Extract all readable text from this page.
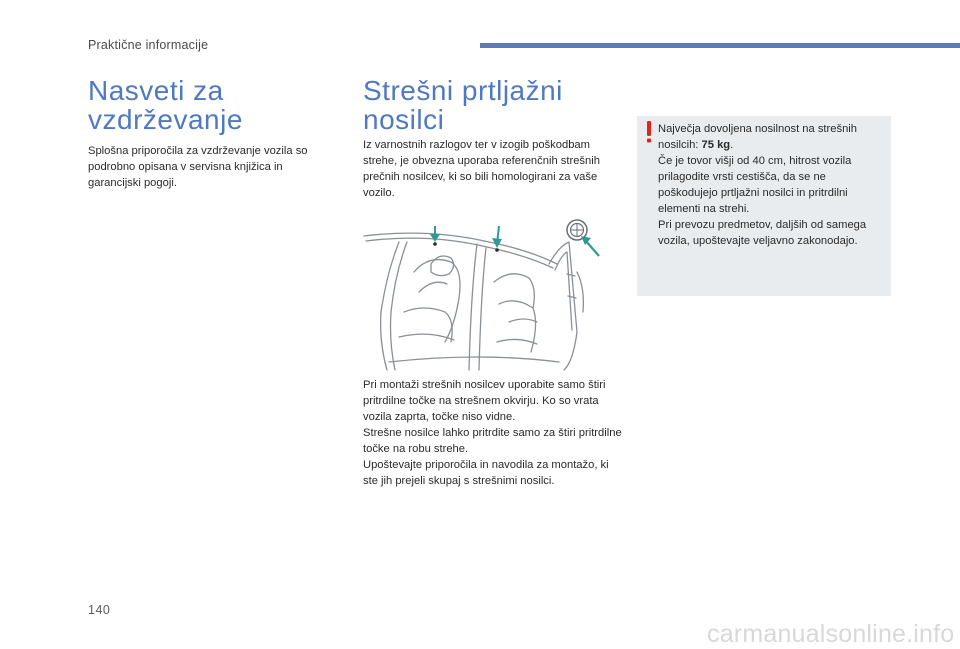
Praktične informacije
Nasveti za vzdrževanje

Splošna priporočila za vzdrževanje vozila so podrobno opisana v servisna knjižica in garancijski pogoji.

Strešni prtljažni nosilci

Iz varnostnih razlogov ter v izogib poškodbam strehe, je obvezna uporaba referenčnih strešnih prečnih nosilcev, ki so bili homologirani za vaše vozilo.

Pri montaži strešnih nosilcev uporabite samo štiri pritrdilne točke na strešnem okvirju. Ko so vrata vozila zaprta, točke niso vidne.
Strešne nosilce lahko pritrdite samo za štiri pritrdilne točke na robu strehe.
Upoštevajte priporočila in navodila za montažo, ki ste jih prejeli skupaj s strešnimi nosilci.

Največja dovoljena nosilnost na strešnih nosilcih: 75 kg.
Če je tovor višji od 40 cm, hitrost vozila prilagodite vrsti cestišča, da se ne poškodujejo prtljažni nosilci in pritrdilni elementi na strehi.
Pri prevozu predmetov, daljših od samega vozila, upoštevajte veljavno zakonodajo.

140
carmanualsonline.info
